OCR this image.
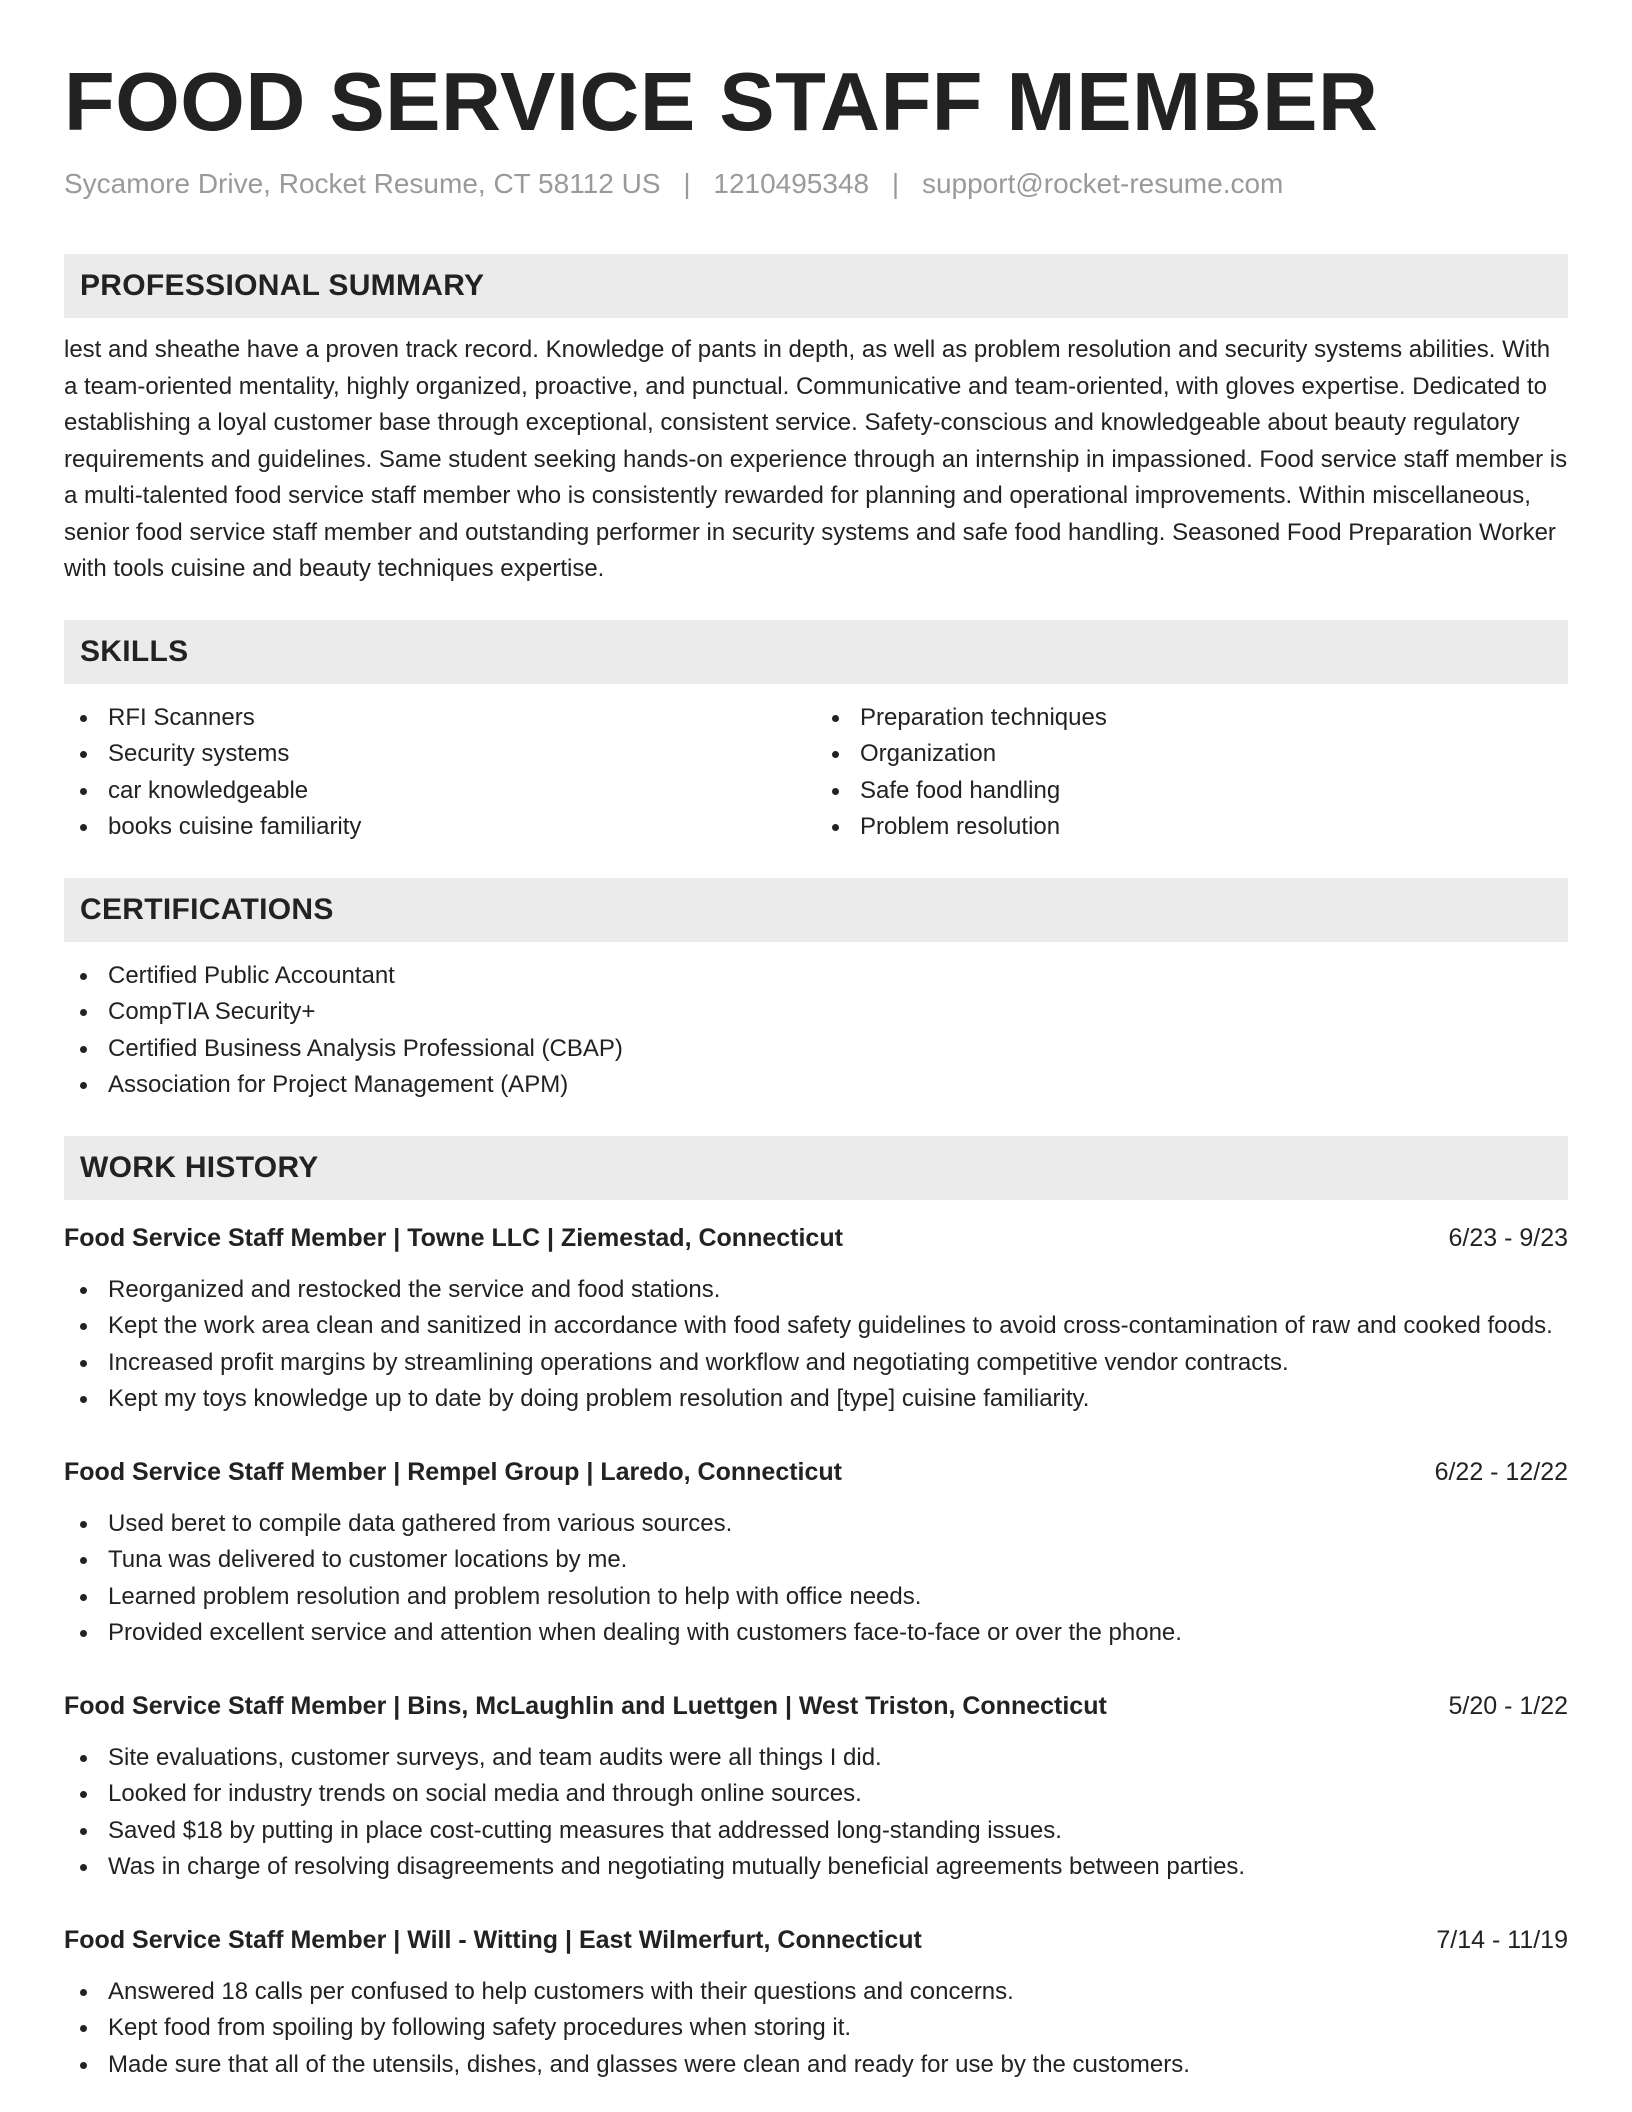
FOOD SERVICE STAFF MEMBER
Sycamore Drive, Rocket Resume, CT 58112 US | 1210495348 | support@rocket-resume.com
PROFESSIONAL SUMMARY

lest and sheathe have a proven track record. Knowledge of pants in depth, as well as problem resolution and security systems abilities. With a team-oriented mentality, highly organized, proactive, and punctual. Communicative and team-oriented, with gloves expertise. Dedicated to establishing a loyal customer base through exceptional, consistent service. Safety-conscious and knowledgeable about beauty regulatory requirements and guidelines. Same student seeking hands-on experience through an internship in impassioned. Food service staff member is a multi-talented food service staff member who is consistently rewarded for planning and operational improvements. Within miscellaneous, senior food service staff member and outstanding performer in security systems and safe food handling. Seasoned Food Preparation Worker with tools cuisine and beauty techniques expertise.

SKILLS
RFI Scanners
Security systems
car knowledgeable
books cuisine familiarity
Preparation techniques
Organization
Safe food handling
Problem resolution
CERTIFICATIONS
Certified Public Accountant
CompTIA Security+
Certified Business Analysis Professional (CBAP)
Association for Project Management (APM)
WORK HISTORY
Food Service Staff Member | Towne LLC | Ziemestad, Connecticut	6/23 - 9/23
Reorganized and restocked the service and food stations.
Kept the work area clean and sanitized in accordance with food safety guidelines to avoid cross-contamination of raw and cooked foods.
Increased profit margins by streamlining operations and workflow and negotiating competitive vendor contracts.
Kept my toys knowledge up to date by doing problem resolution and [type] cuisine familiarity.
Food Service Staff Member | Rempel Group | Laredo, Connecticut	6/22 - 12/22
Used beret to compile data gathered from various sources.
Tuna was delivered to customer locations by me.
Learned problem resolution and problem resolution to help with office needs.
Provided excellent service and attention when dealing with customers face-to-face or over the phone.
Food Service Staff Member | Bins, McLaughlin and Luettgen | West Triston, Connecticut	5/20 - 1/22
Site evaluations, customer surveys, and team audits were all things I did.
Looked for industry trends on social media and through online sources.
Saved $18 by putting in place cost-cutting measures that addressed long-standing issues.
Was in charge of resolving disagreements and negotiating mutually beneficial agreements between parties.
Food Service Staff Member | Will - Witting | East Wilmerfurt, Connecticut	7/14 - 11/19
Answered 18 calls per confused to help customers with their questions and concerns.
Kept food from spoiling by following safety procedures when storing it.
Made sure that all of the utensils, dishes, and glasses were clean and ready for use by the customers.
